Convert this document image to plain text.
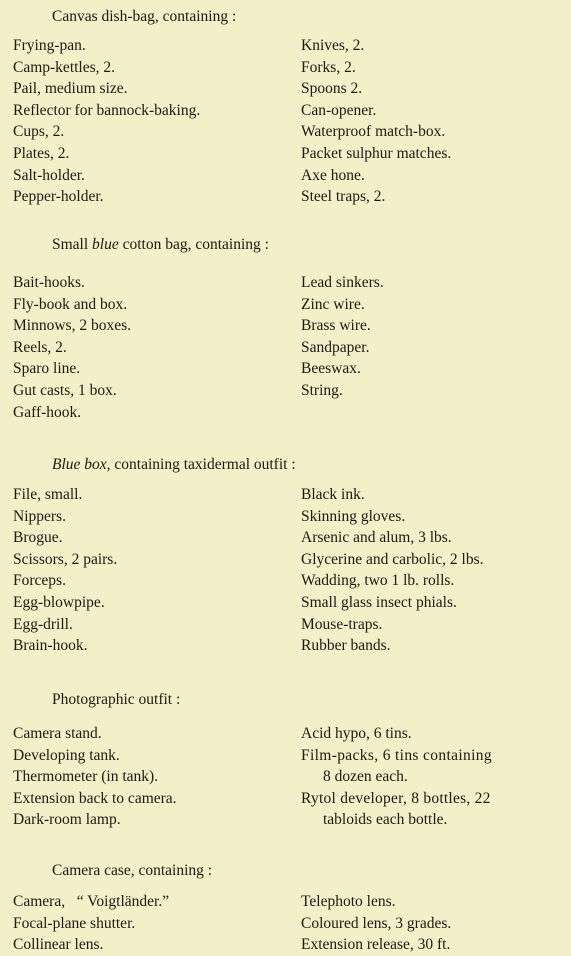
Canvas dish-bag, containing :
Frying-pan.
Camp-kettles, 2.
Pail, medium size.
Reflector for bannock-baking.
Cups, 2.
Plates, 2.
Salt-holder.
Pepper-holder.
Knives, 2.
Forks, 2.
Spoons 2.
Can-opener.
Waterproof match-box.
Packet sulphur matches.
Axe hone.
Steel traps, 2.
Small blue cotton bag, containing :
Bait-hooks.
Fly-book and box.
Minnows, 2 boxes.
Reels, 2.
Sparo line.
Gut casts, 1 box.
Gaff-hook.
Lead sinkers.
Zinc wire.
Brass wire.
Sandpaper.
Beeswax.
String.
Blue box, containing taxidermal outfit :
File, small.
Nippers.
Brogue.
Scissors, 2 pairs.
Forceps.
Egg-blowpipe.
Egg-drill.
Brain-hook.
Black ink.
Skinning gloves.
Arsenic and alum, 3 lbs.
Glycerine and carbolic, 2 lbs.
Wadding, two 1 lb. rolls.
Small glass insect phials.
Mouse-traps.
Rubber bands.
Photographic outfit :
Camera stand.
Developing tank.
Thermometer (in tank).
Extension back to camera.
Dark-room lamp.
Acid hypo, 6 tins.
Film-packs, 6 tins containing
8 dozen each.
Rytol developer, 8 bottles, 22
tabloids each bottle.
Camera case, containing :
Camera,   “ Voigtländer.”
Focal-plane shutter.
Collinear lens.
Telephoto lens.
Coloured lens, 3 grades.
Extension release, 30 ft.
